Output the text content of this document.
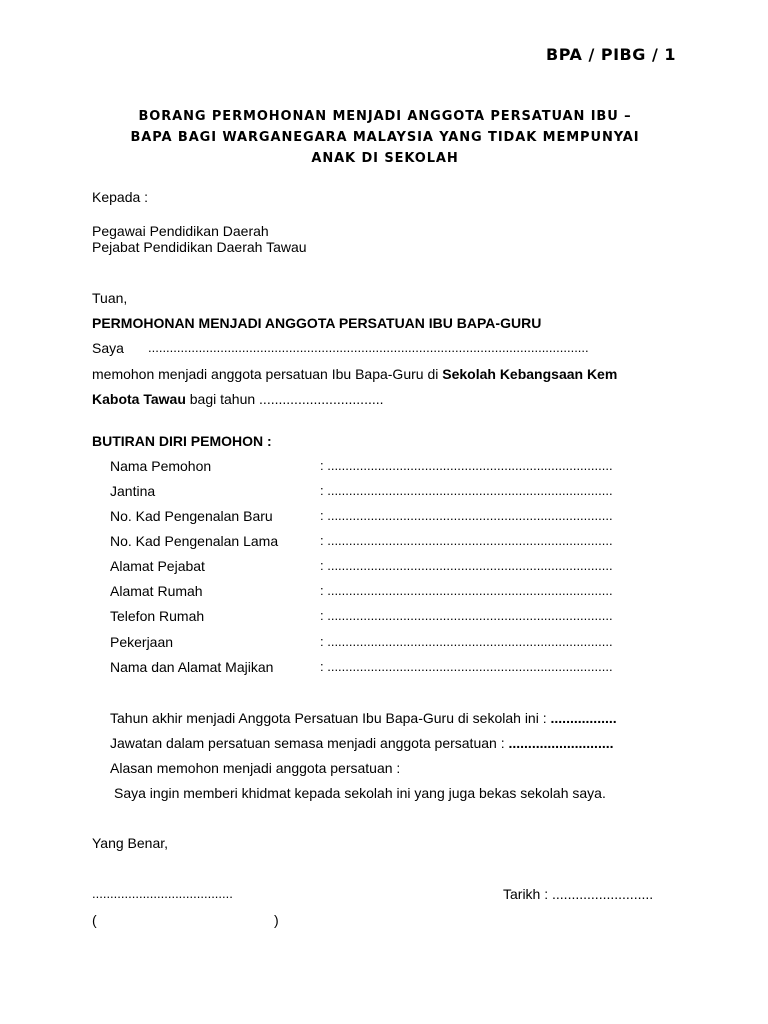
BPA / PIBG / 1
BORANG PERMOHONAN MENJADI ANGGOTA PERSATUAN IBU –
BAPA BAGI WARGANEGARA MALAYSIA YANG TIDAK MEMPUNYAI
ANAK DI SEKOLAH
Kepada :
Pegawai Pendidikan Daerah
Pejabat Pendidikan Daerah Tawau
Tuan,
PERMOHONAN MENJADI ANGGOTA PERSATUAN IBU BAPA-GURU
Saya ..........................................................................................................................
memohon menjadi anggota persatuan Ibu Bapa-Guru di Sekolah Kebangsaan Kem
Kabota Tawau bagi tahun ................................
BUTIRAN DIRI PEMOHON :
Nama Pemohon	: ...............................................................................
Jantina	: ...............................................................................
No. Kad Pengenalan Baru	: ...............................................................................
No. Kad Pengenalan Lama	: ...............................................................................
Alamat Pejabat	: ...............................................................................
Alamat Rumah	: ...............................................................................
Telefon Rumah	: ...............................................................................
Pekerjaan	: ...............................................................................
Nama dan Alamat Majikan	: ...............................................................................
Tahun akhir menjadi Anggota Persatuan Ibu Bapa-Guru di sekolah ini : .................
Jawatan dalam persatuan semasa menjadi anggota persatuan : ...........................
Alasan memohon menjadi anggota persatuan :
Saya ingin memberi khidmat kepada sekolah ini yang juga bekas sekolah saya.
Yang Benar,
.......................................	Tarikh : ..........................
(	)
